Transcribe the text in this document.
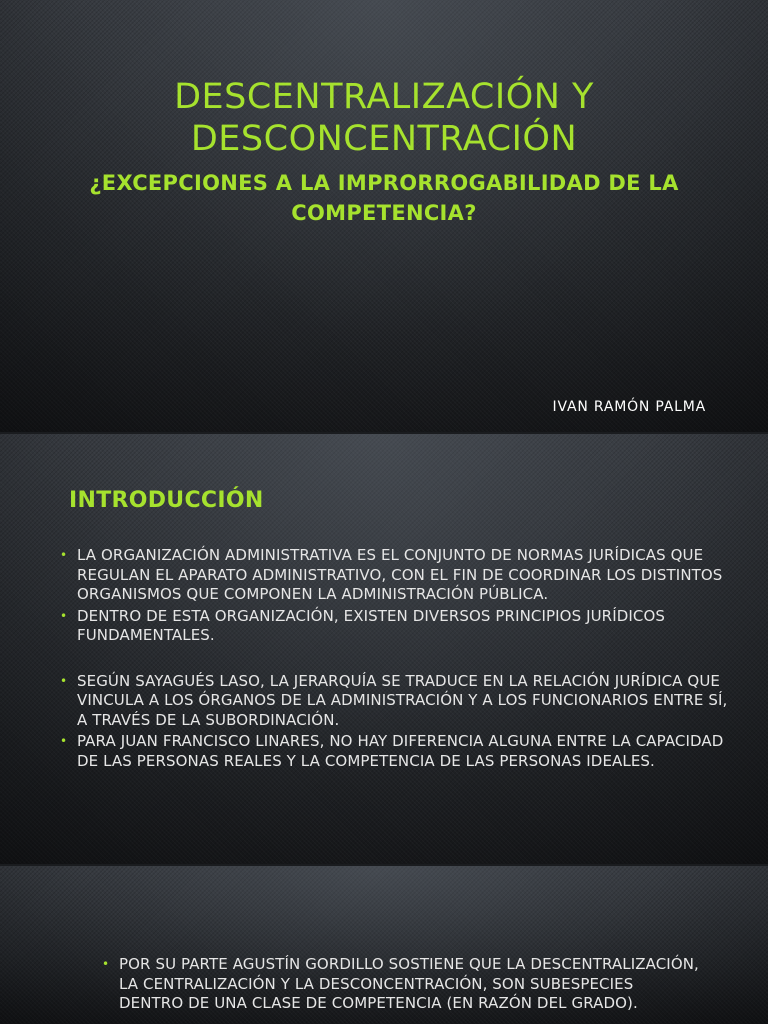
DESCENTRALIZACIÓN Y DESCONCENTRACIÓN
¿EXCEPCIONES A LA IMPRORROGABILIDAD DE LA COMPETENCIA?
IVAN RAMÓN PALMA
INTRODUCCIÓN
• LA ORGANIZACIÓN ADMINISTRATIVA ES EL CONJUNTO DE NORMAS JURÍDICAS QUE REGULAN EL APARATO ADMINISTRATIVO, CON EL FIN DE COORDINAR LOS DISTINTOS ORGANISMOS QUE COMPONEN LA ADMINISTRACIÓN PÚBLICA.
• DENTRO DE ESTA ORGANIZACIÓN, EXISTEN DIVERSOS PRINCIPIOS JURÍDICOS FUNDAMENTALES.
• SEGÚN SAYAGUÉS LASO, LA JERARQUÍA SE TRADUCE EN LA RELACIÓN JURÍDICA QUE VINCULA A LOS ÓRGANOS DE LA ADMINISTRACIÓN Y A LOS FUNCIONARIOS ENTRE SÍ, A TRAVÉS DE LA SUBORDINACIÓN.
• PARA JUAN FRANCISCO LINARES, NO HAY DIFERENCIA ALGUNA ENTRE LA CAPACIDAD DE LAS PERSONAS REALES Y LA COMPETENCIA DE LAS PERSONAS IDEALES.
• POR SU PARTE AGUSTÍN GORDILLO SOSTIENE QUE LA DESCENTRALIZACIÓN, LA CENTRALIZACIÓN Y LA DESCONCENTRACIÓN, SON SUBESPECIES DENTRO DE UNA CLASE DE COMPETENCIA (EN RAZÓN DEL GRADO).
